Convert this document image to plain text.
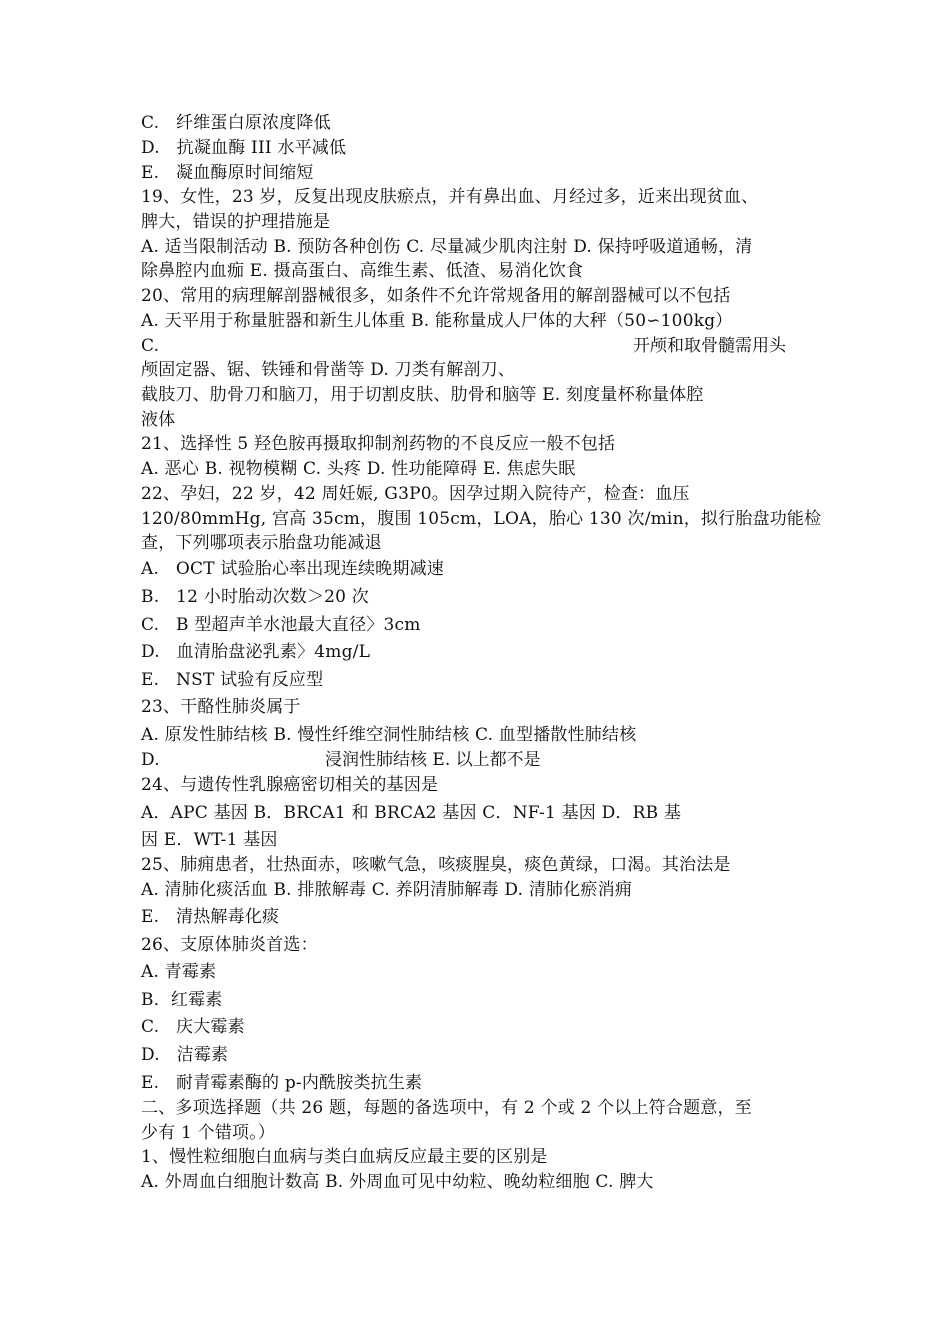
C.   纤维蛋白原浓度降低
D.   抗凝血酶 III 水平减低
E.   凝血酶原时间缩短
19、女性，23 岁，反复出现皮肤瘀点，并有鼻出血、月经过多，近来出现贫血、
脾大，错误的护理措施是
A. 适当限制活动 B. 预防各种创伤 C. 尽量减少肌肉注射 D. 保持呼吸道通畅，清
除鼻腔内血痂 E. 摄高蛋白、高维生素、低渣、易消化饮食
20、常用的病理解剖器械很多，如条件不允许常规备用的解剖器械可以不包括
A. 天平用于称量脏器和新生儿体重 B. 能称量成人尸体的大秤（50∽100kg）
C.	开颅和取骨髓需用头
颅固定器、锯、铁锤和骨凿等 D. 刀类有解剖刀、
截肢刀、肋骨刀和脑刀，用于切割皮肤、肋骨和脑等 E. 刻度量杯称量体腔
液体
21、选择性 5 羟色胺再摄取抑制剂药物的不良反应一般不包括
A. 恶心 B. 视物模糊 C. 头疼 D. 性功能障碍 E. 焦虑失眠
22、孕妇，22 岁，42 周妊娠, G3P0。因孕过期入院待产，检查：血压
120/80mmHg, 宫高 35cm，腹围 105cm，LOA，胎心 130 次/min，拟行胎盘功能检
查，下列哪项表示胎盘功能减退
A.   OCT 试验胎心率出现连续晚期减速
B.   12 小时胎动次数＞20 次
C.   B 型超声羊水池最大直径〉3cm
D.   血清胎盘泌乳素〉4mg/L
E.   NST 试验有反应型
23、干酪性肺炎属于
A. 原发性肺结核 B. 慢性纤维空洞性肺结核 C. 血型播散性肺结核
D.	浸润性肺结核 E. 以上都不是
24、与遗传性乳腺癌密切相关的基因是
A．APC 基因 B．BRCA1 和 BRCA2 基因 C．NF-1 基因 D．RB 基
因 E．WT-1 基因
25、肺痈患者，壮热面赤，咳嗽气急，咳痰腥臭，痰色黄绿，口渴。其治法是
A. 清肺化痰活血 B. 排脓解毒 C. 养阴清肺解毒 D. 清肺化瘀消痈
E.   清热解毒化痰
26、支原体肺炎首选：
A. 青霉素
B．红霉素
C.   庆大霉素
D.   洁霉素
E.   耐青霉素酶的 p-内酰胺类抗生素
二、多项选择题（共 26 题，每题的备选项中，有 2 个或 2 个以上符合题意，至
少有 1 个错项。）
1、慢性粒细胞白血病与类白血病反应最主要的区别是
A. 外周血白细胞计数高 B. 外周血可见中幼粒、晚幼粒细胞 C. 脾大
